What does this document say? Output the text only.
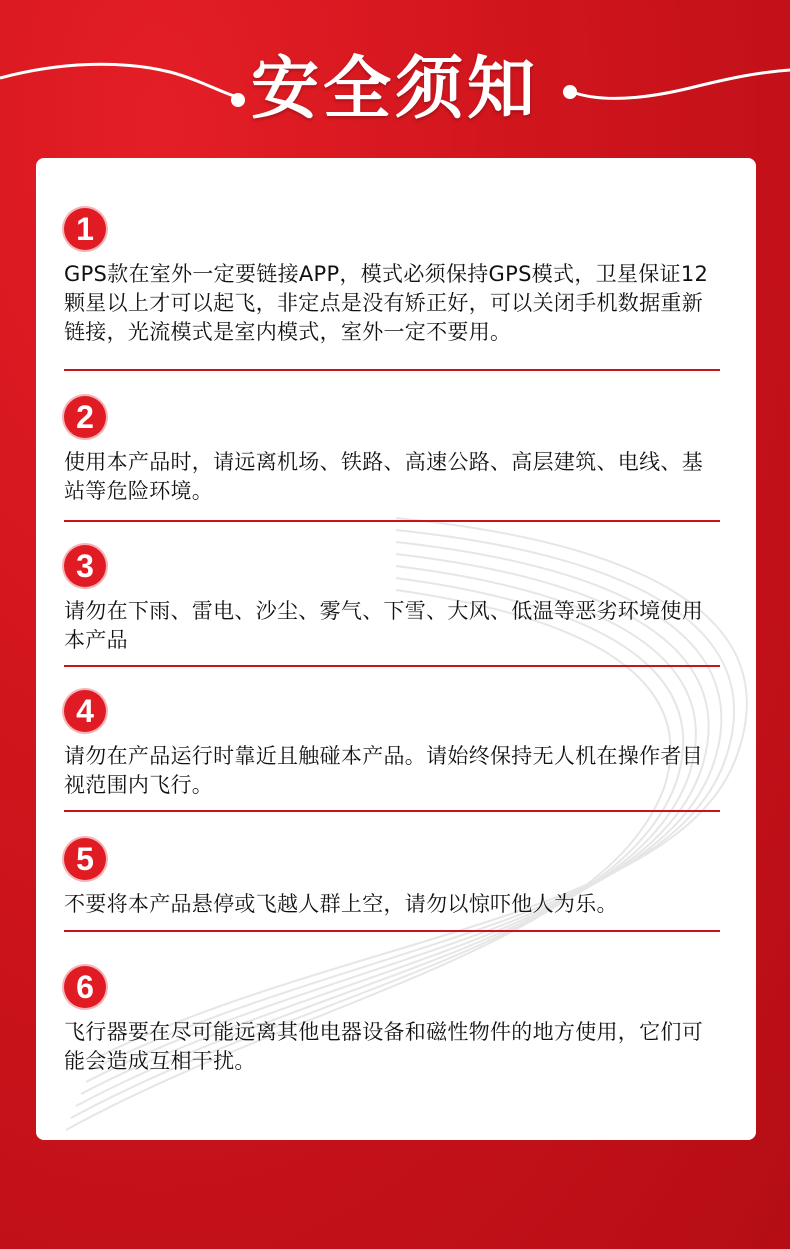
安全须知
1
GPS款在室外一定要链接APP，模式必须保持GPS模式，卫星保证12颗星以上才可以起飞，非定点是没有矫正好，可以关闭手机数据重新链接，光流模式是室内模式，室外一定不要用。
2
使用本产品时，请远离机场、铁路、高速公路、高层建筑、电线、基站等危险环境。
3
请勿在下雨、雷电、沙尘、雾气、下雪、大风、低温等恶劣环境使用本产品
4
请勿在产品运行时靠近且触碰本产品。请始终保持无人机在操作者目视范围内飞行。
5
不要将本产品悬停或飞越人群上空，请勿以惊吓他人为乐。
6
飞行器要在尽可能远离其他电器设备和磁性物件的地方使用，它们可能会造成互相干扰。
